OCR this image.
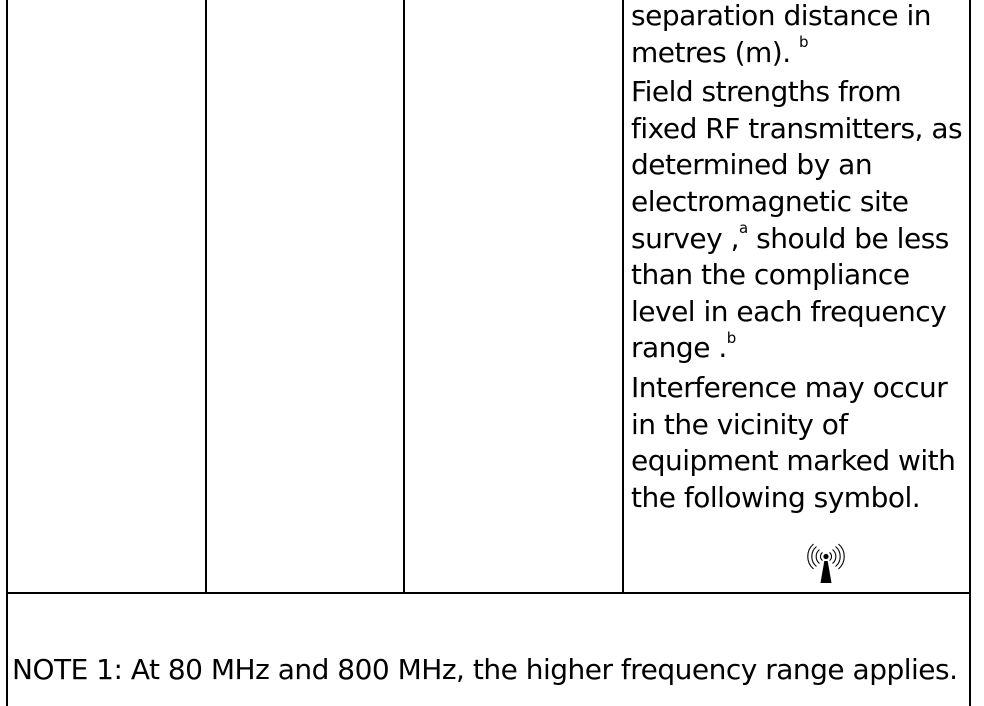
separation distance in

metres (m). $^b$

Field strengths from

fixed RF transmitters, as

determined by an

electromagnetic site

survey ,$^a$ should be less

than the compliance

level in each frequency

range .$^b$

Interference may occur

in the vicinity of

equipment marked with

the following symbol.

NOTE 1: At 80 MHz and 800 MHz, the higher frequency range applies.
